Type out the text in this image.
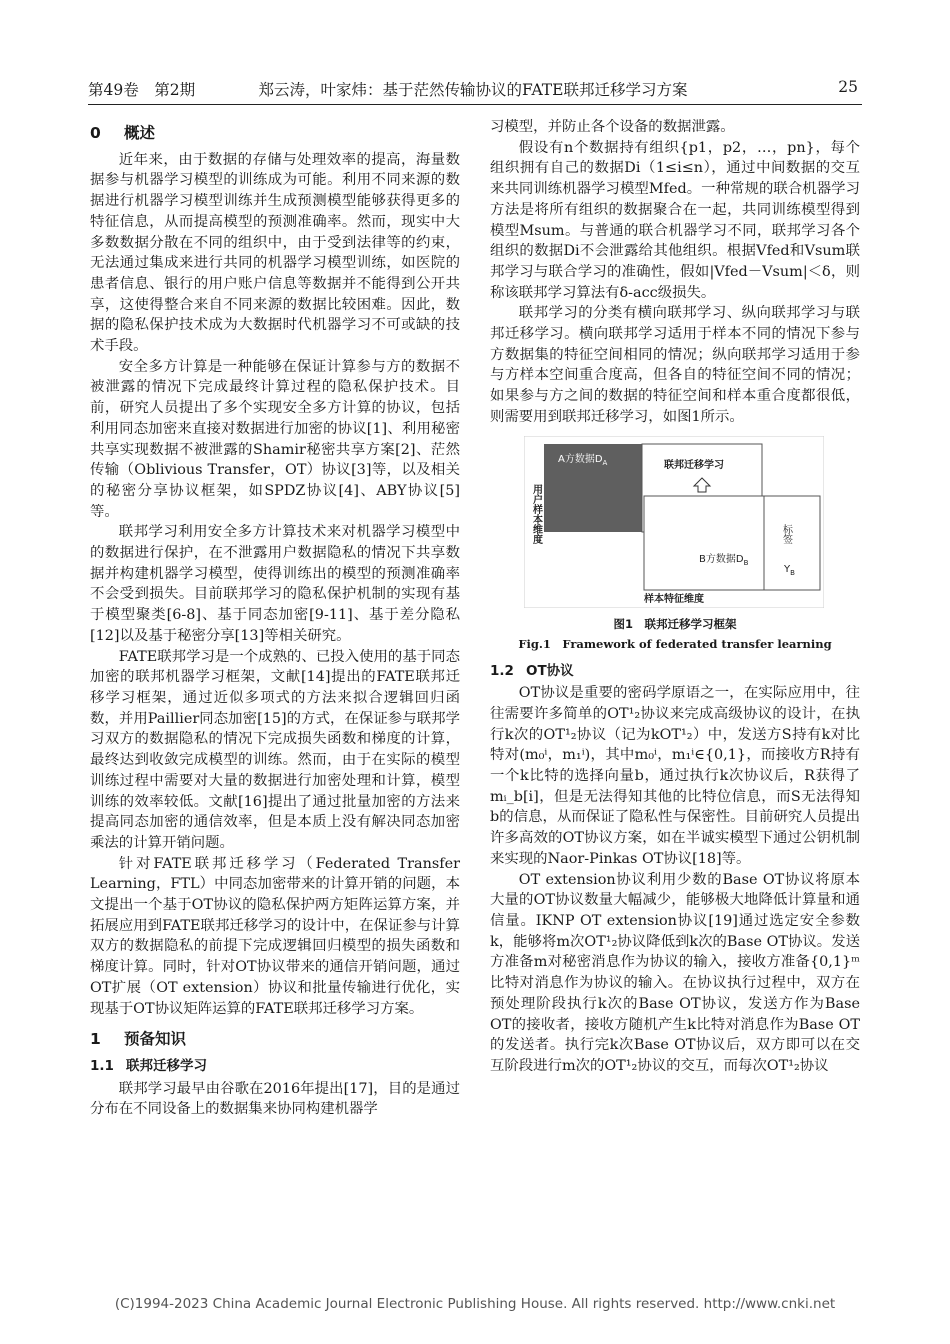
第49卷　第2期	郑云涛，叶家炜：基于茫然传输协议的FATE联邦迁移学习方案	25
0 概述

近年来，由于数据的存储与处理效率的提高，海量数据参与机器学习模型的训练成为可能。利用不同来源的数据进行机器学习模型训练并生成预测模型能够获得更多的特征信息，从而提高模型的预测准确率。然而，现实中大多数数据分散在不同的组织中，由于受到法律等的约束，无法通过集成来进行共同的机器学习模型训练，如医院的患者信息、银行的用户账户信息等数据并不能得到公开共享，这使得整合来自不同来源的数据比较困难。因此，数据的隐私保护技术成为大数据时代机器学习不可或缺的技术手段。

安全多方计算是一种能够在保证计算参与方的数据不被泄露的情况下完成最终计算过程的隐私保护技术。目前，研究人员提出了多个实现安全多方计算的协议，包括利用同态加密来直接对数据进行加密的协议[1]、利用秘密共享实现数据不被泄露的Shamir秘密共享方案[2]、茫然传输（Oblivious Transfer，OT）协议[3]等，以及相关的秘密分享协议框架，如SPDZ协议[4]、ABY协议[5]等。

联邦学习利用安全多方计算技术来对机器学习模型中的数据进行保护，在不泄露用户数据隐私的情况下共享数据并构建机器学习模型，使得训练出的模型的预测准确率不会受到损失。目前联邦学习的隐私保护机制的实现有基于模型聚类[6-8]、基于同态加密[9-11]、基于差分隐私[12]以及基于秘密分享[13]等相关研究。

FATE联邦学习是一个成熟的、已投入使用的基于同态加密的联邦机器学习框架，文献[14]提出的FATE联邦迁移学习框架，通过近似多项式的方法来拟合逻辑回归函数，并用Paillier同态加密[15]的方式，在保证参与联邦学习双方的数据隐私的情况下完成损失函数和梯度的计算，最终达到收敛完成模型的训练。然而，由于在实际的模型训练过程中需要对大量的数据进行加密处理和计算，模型训练的效率较低。文献[16]提出了通过批量加密的方法来提高同态加密的通信效率，但是本质上没有解决同态加密乘法的计算开销问题。

针对FATE联邦迁移学习（Federated Transfer Learning，FTL）中同态加密带来的计算开销的问题，本文提出一个基于OT协议的隐私保护两方矩阵运算方案，并拓展应用到FATE联邦迁移学习的设计中，在保证参与计算双方的数据隐私的前提下完成逻辑回归模型的损失函数和梯度计算。同时，针对OT协议带来的通信开销问题，通过OT扩展（OT extension）协议和批量传输进行优化，实现基于OT协议矩阵运算的FATE联邦迁移学习方案。

1 预备知识
1.1 联邦迁移学习

联邦学习最早由谷歌在2016年提出[17]，目的是通过分布在不同设备上的数据集来协同构建机器学

习模型，并防止各个设备的数据泄露。

假设有n个数据持有组织{p1，p2，…，pn}，每个组织拥有自己的数据Di（1≤i≤n），通过中间数据的交互来共同训练机器学习模型Mfed。一种常规的联合机器学习方法是将所有组织的数据聚合在一起，共同训练模型得到模型Msum。与普通的联合机器学习不同，联邦学习各个组织的数据Di不会泄露给其他组织。根据Vfed和Vsum联邦学习与联合学习的准确性，假如|Vfed－Vsum|＜δ，则称该联邦学习算法有δ-acc级损失。

联邦学习的分类有横向联邦学习、纵向联邦学习与联邦迁移学习。横向联邦学习适用于样本不同的情况下参与方数据集的特征空间相同的情况；纵向联邦学习适用于参与方样本空间重合度高，但各自的特征空间不同的情况；如果参与方之间的数据的特征空间和样本重合度都很低，则需要用到联邦迁移学习，如图1所示。

A方数据$D_A$	联邦迁移学习
B方数据$D_B$
标签
$Y_B$
用户样本维度
样本特征维度
图1　联邦迁移学习框架
Fig.1　Framework of federated transfer learning
1.2 OT协议

OT协议是重要的密码学原语之一，在实际应用中，往往需要许多简单的OT¹₂协议来完成高级协议的设计，在执行k次的OT¹₂协议（记为kOT¹₂）中，发送方S持有k对比特对(m₀ⁱ，m₁ⁱ)，其中m₀ⁱ，m₁ⁱ∈{0,1}，而接收方R持有一个k比特的选择向量b，通过执行k次协议后，R获得了mᵢ_b[i]，但是无法得知其他的比特位信息，而S无法得知b的信息，从而保证了隐私性与保密性。目前研究人员提出许多高效的OT协议方案，如在半诚实模型下通过公钥机制来实现的Naor-Pinkas OT协议[18]等。

OT extension协议利用少数的Base OT协议将原本大量的OT协议数量大幅减少，能够极大地降低计算量和通信量。IKNP OT extension协议[19]通过选定安全参数k，能够将m次OT¹₂协议降低到k次的Base OT协议。发送方准备m对秘密消息作为协议的输入，接收方准备{0,1}ᵐ比特对消息作为协议的输入。在协议执行过程中，双方在预处理阶段执行k次的Base OT协议，发送方作为Base OT的接收者，接收方随机产生k比特对消息作为Base OT的发送者。执行完k次Base OT协议后，双方即可以在交互阶段进行m次的OT¹₂协议的交互，而每次OT¹₂协议

(C)1994-2023 China Academic Journal Electronic Publishing House. All rights reserved. http://www.cnki.net
